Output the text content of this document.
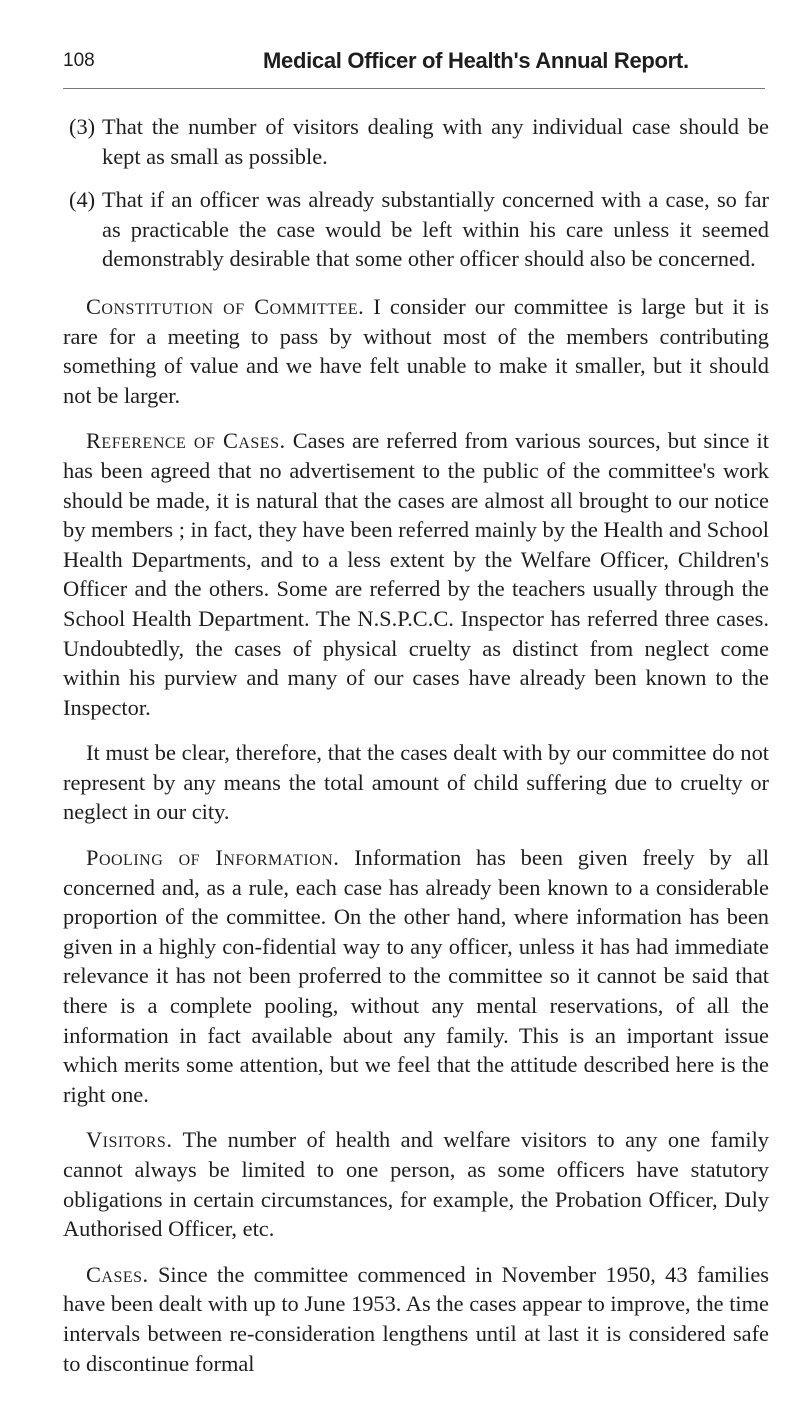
108	Medical Officer of Health's Annual Report.
(3) That the number of visitors dealing with any individual case should be kept as small as possible.
(4) That if an officer was already substantially concerned with a case, so far as practicable the case would be left within his care unless it seemed demonstrably desirable that some other officer should also be concerned.

Constitution of Committee. I consider our committee is large but it is rare for a meeting to pass by without most of the members contributing something of value and we have felt unable to make it smaller, but it should not be larger.

Reference of Cases. Cases are referred from various sources, but since it has been agreed that no advertisement to the public of the committee's work should be made, it is natural that the cases are almost all brought to our notice by members ; in fact, they have been referred mainly by the Health and School Health Departments, and to a less extent by the Welfare Officer, Children's Officer and the others. Some are referred by the teachers usually through the School Health Department. The N.S.P.C.C. Inspector has referred three cases. Undoubtedly, the cases of physical cruelty as distinct from neglect come within his purview and many of our cases have already been known to the Inspector.

It must be clear, therefore, that the cases dealt with by our committee do not represent by any means the total amount of child suffering due to cruelty or neglect in our city.

Pooling of Information. Information has been given freely by all concerned and, as a rule, each case has already been known to a considerable proportion of the committee. On the other hand, where information has been given in a highly con-fidential way to any officer, unless it has had immediate relevance it has not been proferred to the committee so it cannot be said that there is a complete pooling, without any mental reservations, of all the information in fact available about any family. This is an important issue which merits some attention, but we feel that the attitude described here is the right one.

Visitors. The number of health and welfare visitors to any one family cannot always be limited to one person, as some officers have statutory obligations in certain circumstances, for example, the Probation Officer, Duly Authorised Officer, etc.

Cases. Since the committee commenced in November 1950, 43 families have been dealt with up to June 1953. As the cases appear to improve, the time intervals between re-consideration lengthens until at last it is considered safe to discontinue formal
